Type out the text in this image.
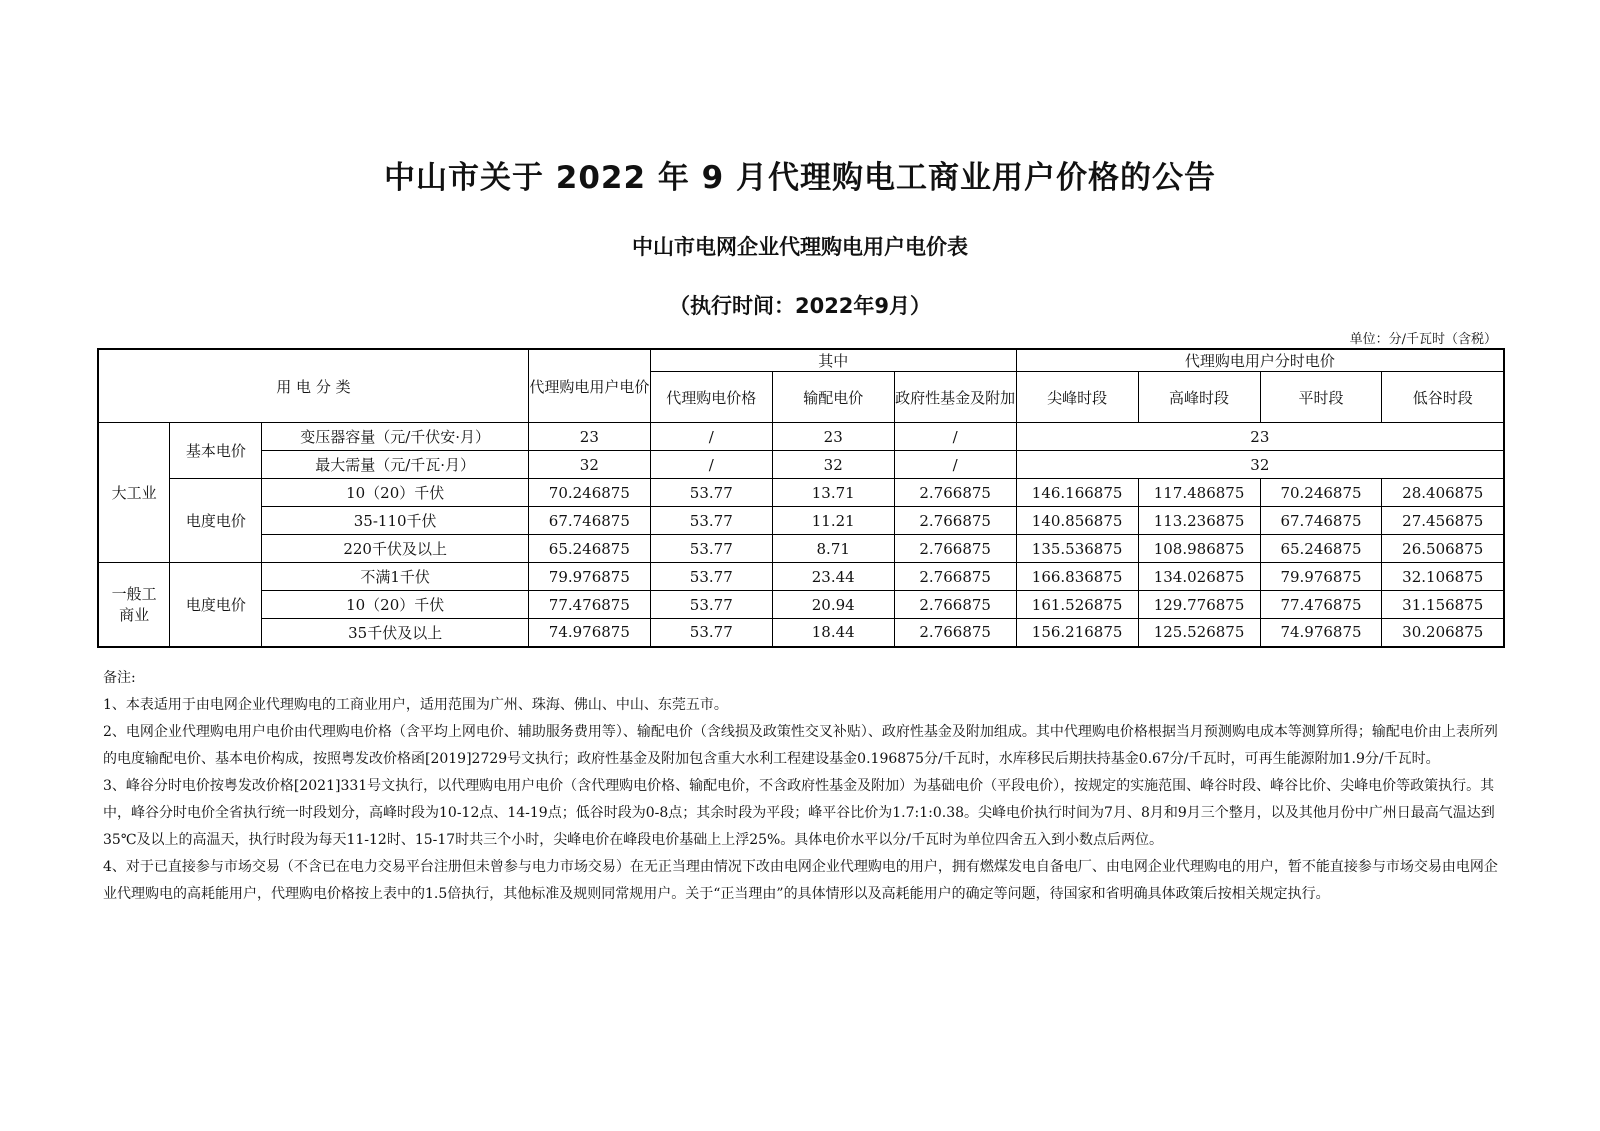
中山市关于 2022 年 9 月代理购电工商业用户价格的公告
中山市电网企业代理购电用户电价表
（执行时间：2022年9月）
单位：分/千瓦时（含税）
用 电 分 类			代理购电用户电价	其中			代理购电用户分时电价			
				代理购电价格	输配电价	政府性基金及附加	尖峰时段	高峰时段	平时段	低谷时段
大工业	基本电价	变压器容量（元/千伏安·月）	23	/	23	/	23			
		最大需量（元/千瓦·月）	32	/	32	/	32			
	电度电价	10（20）千伏	70.246875	53.77	13.71	2.766875	146.166875	117.486875	70.246875	28.406875
		35-110千伏	67.746875	53.77	11.21	2.766875	140.856875	113.236875	67.746875	27.456875
		220千伏及以上	65.246875	53.77	8.71	2.766875	135.536875	108.986875	65.246875	26.506875
一般工商业	电度电价	不满1千伏	79.976875	53.77	23.44	2.766875	166.836875	134.026875	79.976875	32.106875
		10（20）千伏	77.476875	53.77	20.94	2.766875	161.526875	129.776875	77.476875	31.156875
		35千伏及以上	74.976875	53.77	18.44	2.766875	156.216875	125.526875	74.976875	30.206875

备注:

1、本表适用于由电网企业代理购电的工商业用户，适用范围为广州、珠海、佛山、中山、东莞五市。

2、电网企业代理购电用户电价由代理购电价格（含平均上网电价、辅助服务费用等）、输配电价（含线损及政策性交叉补贴）、政府性基金及附加组成。其中代理购电价格根据当月预测购电成本等测算所得；输配电价由上表所列的电度输配电价、基本电价构成，按照粤发改价格函[2019]2729号文执行；政府性基金及附加包含重大水利工程建设基金0.196875分/千瓦时，水库移民后期扶持基金0.67分/千瓦时，可再生能源附加1.9分/千瓦时。

3、峰谷分时电价按粤发改价格[2021]331号文执行，以代理购电用户电价（含代理购电价格、输配电价，不含政府性基金及附加）为基础电价（平段电价），按规定的实施范围、峰谷时段、峰谷比价、尖峰电价等政策执行。其中，峰谷分时电价全省执行统一时段划分，高峰时段为10-12点、14-19点；低谷时段为0-8点；其余时段为平段；峰平谷比价为1.7:1:0.38。尖峰电价执行时间为7月、8月和9月三个整月，以及其他月份中广州日最高气温达到35℃及以上的高温天，执行时段为每天11-12时、15-17时共三个小时，尖峰电价在峰段电价基础上上浮25%。具体电价水平以分/千瓦时为单位四舍五入到小数点后两位。

4、对于已直接参与市场交易（不含已在电力交易平台注册但未曾参与电力市场交易）在无正当理由情况下改由电网企业代理购电的用户，拥有燃煤发电自备电厂、由电网企业代理购电的用户，暂不能直接参与市场交易由电网企业代理购电的高耗能用户，代理购电价格按上表中的1.5倍执行，其他标准及规则同常规用户。关于“正当理由”的具体情形以及高耗能用户的确定等问题，待国家和省明确具体政策后按相关规定执行。
